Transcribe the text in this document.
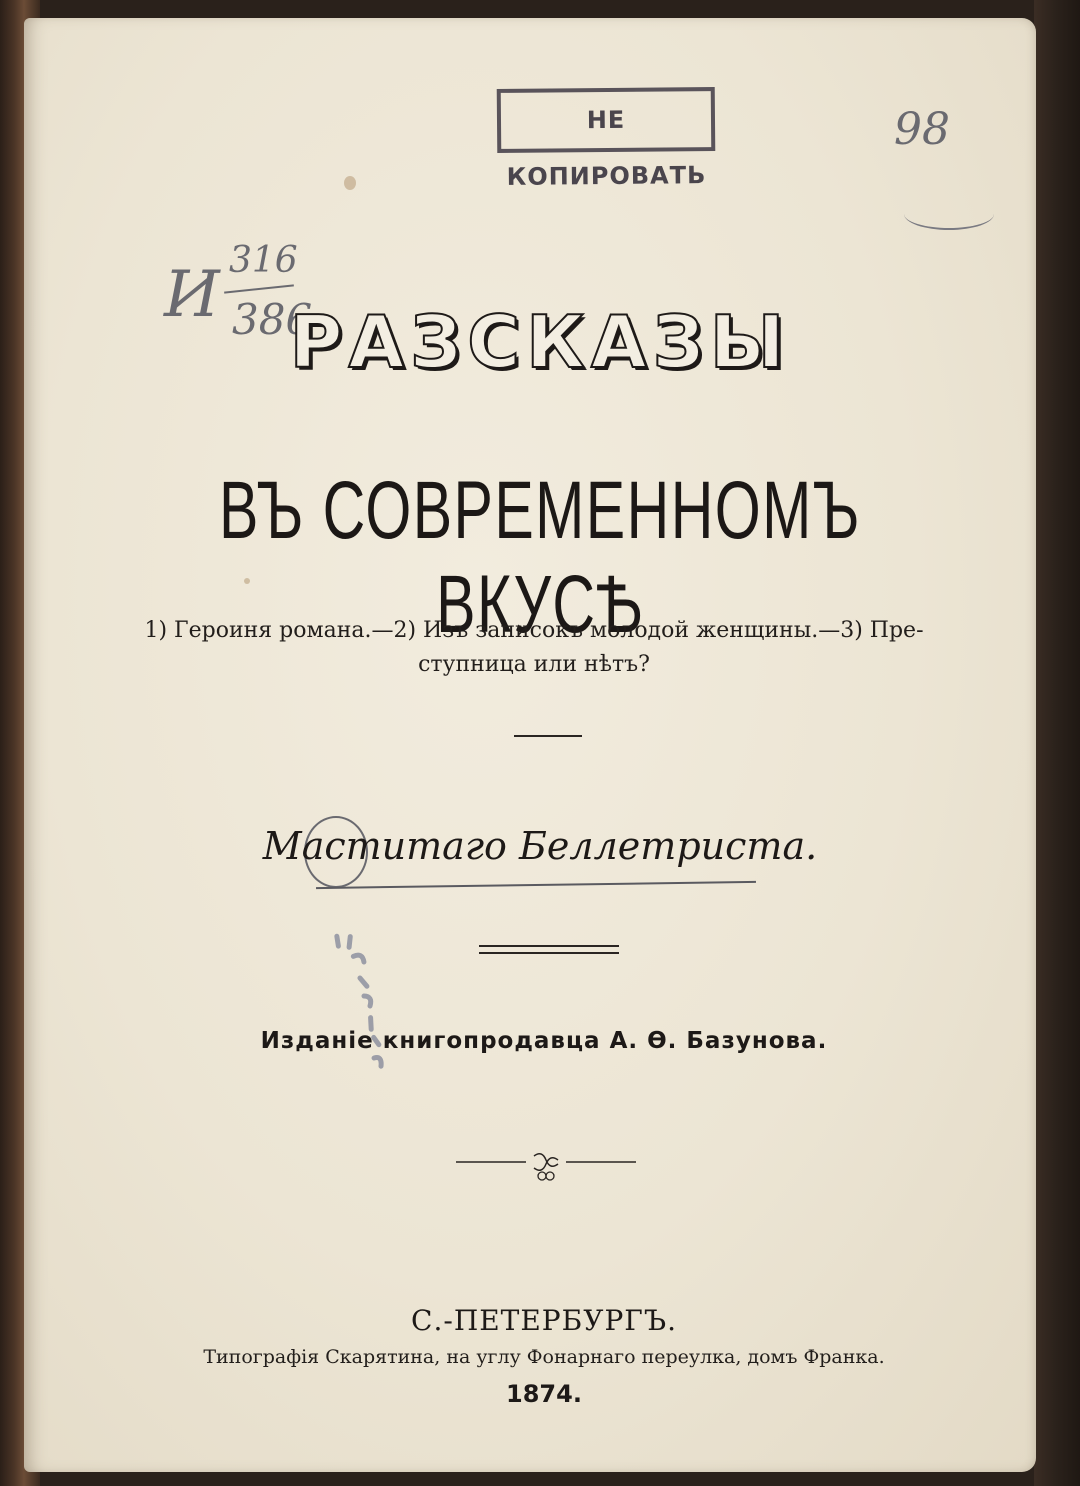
НЕ КОПИРОВАТЬ
И 316
386
98
РАЗСКАЗЫ
ВЪ СОВРЕМЕННОМЪ ВКУСѢ
1) Героиня романа.—2) Изъ записокъ молодой женщины.—3) Пре-
ступница или нѣтъ?
Маститаго Беллетриста.
Изданіе книгопродавца А. Ѳ. Базунова.
С.-ПЕТЕРБУРГЪ.
Типографія Скарятина, на углу Фонарнаго переулка, домъ Франка.
1874.
